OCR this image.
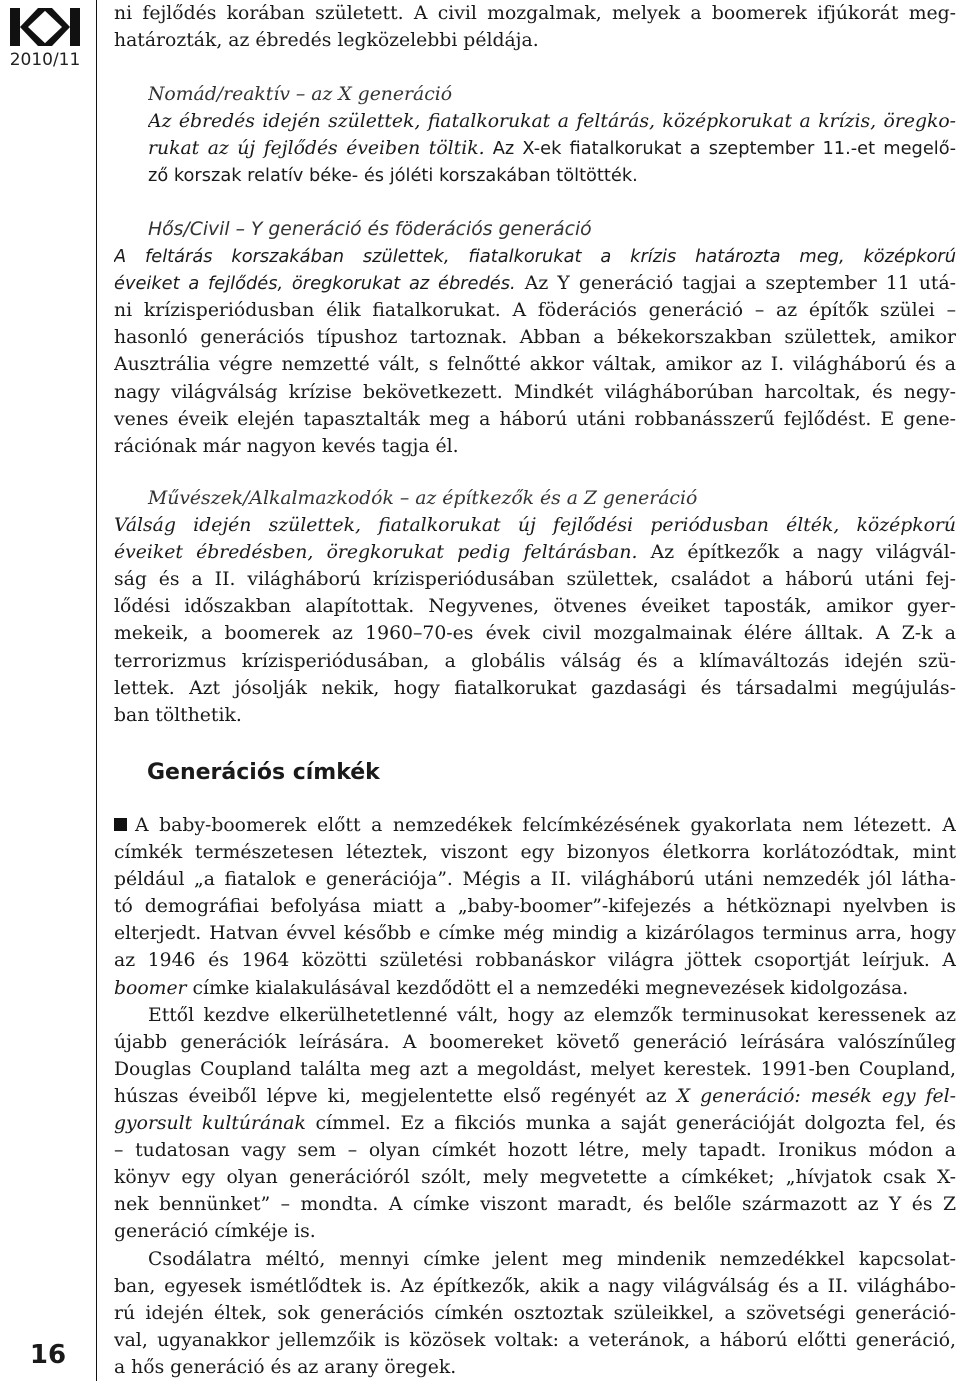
2010/11
16
ni fejlődés korában született. A civil mozgalmak, melyek a boomerek ifjúkorát meg-
határozták, az ébredés legközelebbi példája.
Nomád/reaktív – az X generáció
Az ébredés idején születtek, fiatalkorukat a feltárás, középkorukat a krízis, öregko-
rukat az új fejlődés éveiben töltik. Az X-ek fiatalkorukat a szeptember 11.-et megelő-
ző korszak relatív béke- és jóléti korszakában töltötték.
Hős/Civil – Y generáció és föderációs generáció
A feltárás korszakában születtek, fiatalkorukat a krízis határozta meg, középkorú
éveiket a fejlődés, öregkorukat az ébredés. Az Y generáció tagjai a szeptember 11 utá-
ni krízisperiódusban élik fiatalkorukat. A föderációs generáció – az építők szülei –
hasonló generációs típushoz tartoznak. Abban a békekorszakban születtek, amikor
Ausztrália végre nemzetté vált, s felnőtté akkor váltak, amikor az I. világháború és a
nagy világválság krízise bekövetkezett. Mindkét világháborúban harcoltak, és negy-
venes éveik elején tapasztalták meg a háború utáni robbanásszerű fejlődést. E gene-
rációnak már nagyon kevés tagja él.
Művészek/Alkalmazkodók – az építkezők és a Z generáció
Válság idején születtek, fiatalkorukat új fejlődési periódusban élték, középkorú
éveiket ébredésben, öregkorukat pedig feltárásban. Az építkezők a nagy világvál-
ság és a II. világháború krízisperiódusában születtek, családot a háború utáni fej-
lődési időszakban alapítottak. Negyvenes, ötvenes éveiket taposták, amikor gyer-
mekeik, a boomerek az 1960–70-es évek civil mozgalmainak élére álltak. A Z-k a
terrorizmus krízisperiódusában, a globális válság és a klímaváltozás idején szü-
lettek. Azt jósolják nekik, hogy fiatalkorukat gazdasági és társadalmi megújulás-
ban tölthetik.
A baby-boomerek előtt a nemzedékek felcímkézésének gyakorlata nem létezett. A
címkék természetesen léteztek, viszont egy bizonyos életkorra korlátozódtak, mint
például „a fiatalok e generációja”. Mégis a II. világháború utáni nemzedék jól látha-
tó demográfiai befolyása miatt a „baby-boomer”-kifejezés a hétköznapi nyelvben is
elterjedt. Hatvan évvel később e címke még mindig a kizárólagos terminus arra, hogy
az 1946 és 1964 közötti születési robbanáskor világra jöttek csoportját leírjuk. A
boomer címke kialakulásával kezdődött el a nemzedéki megnevezések kidolgozása.
Ettől kezdve elkerülhetetlenné vált, hogy az elemzők terminusokat keressenek az
újabb generációk leírására. A boomereket követő generáció leírására valószínűleg
Douglas Coupland találta meg azt a megoldást, melyet kerestek. 1991-ben Coupland,
húszas éveiből lépve ki, megjelentette első regényét az X generáció: mesék egy fel-
gyorsult kultúrának címmel. Ez a fikciós munka a saját generációját dolgozta fel, és
– tudatosan vagy sem – olyan címkét hozott létre, mely tapadt. Ironikus módon a
könyv egy olyan generációról szólt, mely megvetette a címkéket; „hívjatok csak X-
nek bennünket” – mondta. A címke viszont maradt, és belőle származott az Y és Z
generáció címkéje is.
Csodálatra méltó, mennyi címke jelent meg mindenik nemzedékkel kapcsolat-
ban, egyesek ismétlődtek is. Az építkezők, akik a nagy világválság és a II. világhábo-
rú idején éltek, sok generációs címkén osztoztak szüleikkel, a szövetségi generáció-
val, ugyanakkor jellemzőik is közösek voltak: a veteránok, a háború előtti generáció,
a hős generáció és az arany öregek.
Generációs címkék
